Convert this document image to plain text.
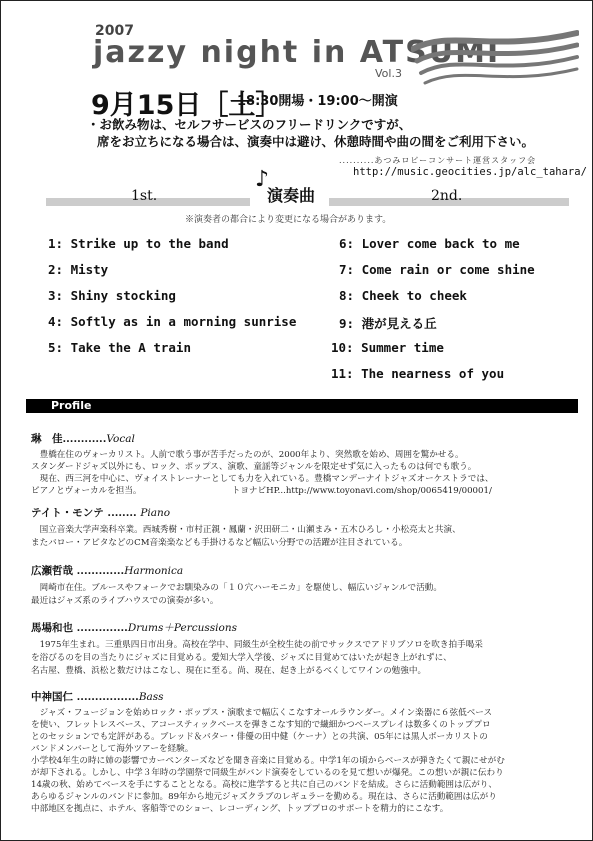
2007
jazzy night in ATSUMI
Vol.3
9月15日［土］
18:30開場・19:00〜開演
・お飲み物は、セルフサービスのフリードリンクですが、
席をお立ちになる場合は、演奏中は避け、休憩時間や曲の間をご利用下さい。
..........あつみロビーコンサート運営スタッフ会
http://music.geocities.jp/alc_tahara/
1st.	2nd.
♪
演奏曲
※演奏者の都合により変更になる場合があります。
1: Strike up to the band
2: Misty
3: Shiny stocking
4: Softly as in a morning sunrise
5: Take the A train
6: Lover come back to me
7: Come rain or come shine
8: Cheek to cheek
9: 港が見える丘
10: Summer time
11: The nearness of you
Profile
琳　佳............Vocal
　豊橋在住のヴォーカリスト。人前で歌う事が苦手だったのが、2000年より、突然歌を始め、周囲を驚かせる。
スタンダードジャズ以外にも、ロック、ポップス、演歌、童謡等ジャンルを限定せず気に入ったものは何でも歌う。
　現在、西三河を中心に、ヴォイストレーナーとしても力を入れている。豊橋マンデーナイトジャズオーケストラでは、
ピアノとヴォーカルを担当。　　　　　　　　　　　トヨナビHP...http://www.toyonavi.com/shop/0065419/00001/
テイト・モンテ ........ Piano
　国立音楽大学声楽科卒業。西城秀樹・市村正親・鳳蘭・沢田研二・山瀬まみ・五木ひろし・小松亮太と共演、
またバロー・アピタなどのCM音楽楽なども手掛けるなど幅広い分野での活躍が注目されている。
広瀬哲哉 .............Harmonica
　岡崎市在住。ブルースやフォークでお馴染みの「１０穴ハーモニカ」を駆使し、幅広いジャンルで活動。
最近はジャズ系のライブハウスでの演奏が多い。
馬場和也 ..............Drums＋Percussions
　1975年生まれ。三重県四日市出身。高校在学中、同級生が全校生徒の前でサックスでアドリブソロを吹き拍手喝采
を浴びるのを目の当たりにジャズに目覚める。愛知大学入学後、ジャズに目覚めてはいたが起き上がれずに、
名古屋、豊橋、浜松と数だけはこなし、現在に至る。尚、現在、起き上がるべくしてワインの勉強中。
中神国仁 .................Bass
　ジャズ・フュージョンを始めロック・ポップス・演歌まで幅広くこなすオールラウンダー。メイン楽器に６弦低ベース
を使い、フレットレスベース、アコースティックベースを弾きこなす知的で繊細かつベースプレイは数多くのトッププロ
とのセッションでも定評がある。ブレッド＆バター・俳優の田中健（ケーナ）との共演、05年には黒人ボーカリストの
バンドメンバーとして海外ツアーを経験。
小学校4年生の時に姉の影響でカーペンターズなどを聞き音楽に目覚める。中学1年の頃からベースが弾きたくて親にせがむ
が却下される。しかし、中学３年時の学園祭で同級生がバンド演奏をしているのを見て想いが爆発。この想いが親に伝わり
14歳の秋、始めてベースを手にすることとなる。高校に進学すると共に自己のバンドを結成。さらに活動範囲は広がり、
あらゆるジャンルのバンドに参加。89年から地元ジャズクラブのレギュラーを勤める。現在は、さらに活動範囲は広がり
中部地区を拠点に、ホテル、客船等でのショー、レコーディング、トッププロのサポートを精力的にこなす。
